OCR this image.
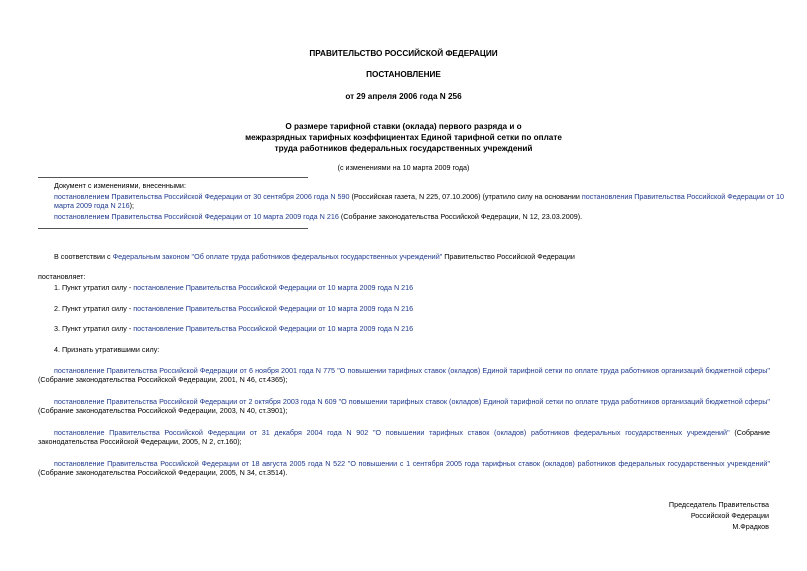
ПРАВИТЕЛЬСТВО РОССИЙСКОЙ ФЕДЕРАЦИИ
ПОСТАНОВЛЕНИЕ
от 29 апреля 2006 года N 256
О размере тарифной ставки (оклада) первого разряда и о
межразрядных тарифных коэффициентах Единой тарифной сетки по оплате
труда работников федеральных государственных учреждений
(с изменениями на 10 марта 2009 года)
Документ с изменениями, внесенными:
постановлением Правительства Российской Федерации от 30 сентября 2006 года N 590 (Российская газета, N 225, 07.10.2006) (утратило силу на основании постановления Правительства Российской Федерации от 10 марта 2009 года N 216);
постановлением Правительства Российской Федерации от 10 марта 2009 года N 216 (Собрание законодательства Российской Федерации, N 12, 23.03.2009).
В соответствии с Федеральным законом "Об оплате труда работников федеральных государственных учреждений" Правительство Российской Федерации
постановляет:
1. Пункт утратил силу - постановление Правительства Российской Федерации от 10 марта 2009 года N 216
2. Пункт утратил силу - постановление Правительства Российской Федерации от 10 марта 2009 года N 216
3. Пункт утратил силу - постановление Правительства Российской Федерации от 10 марта 2009 года N 216
4. Признать утратившими силу:
постановление Правительства Российской Федерации от 6 ноября 2001 года N 775 "О повышении тарифных ставок (окладов) Единой тарифной сетки по оплате труда работников организаций бюджетной сферы" (Собрание законодательства Российской Федерации, 2001, N 46, ст.4365);
постановление Правительства Российской Федерации от 2 октября 2003 года N 609 "О повышении тарифных ставок (окладов) Единой тарифной сетки по оплате труда работников организаций бюджетной сферы" (Собрание законодательства Российской Федерации, 2003, N 40, ст.3901);
постановление Правительства Российской Федерации от 31 декабря 2004 года N 902 "О повышении тарифных ставок (окладов) работников федеральных государственных учреждений" (Собрание законодательства Российской Федерации, 2005, N 2, ст.160);
постановление Правительства Российской Федерации от 18 августа 2005 года N 522 "О повышении с 1 сентября 2005 года тарифных ставок (окладов) работников федеральных государственных учреждений" (Собрание законодательства Российской Федерации, 2005, N 34, ст.3514).
Председатель Правительства
Российской Федерации
М.Фрадков
